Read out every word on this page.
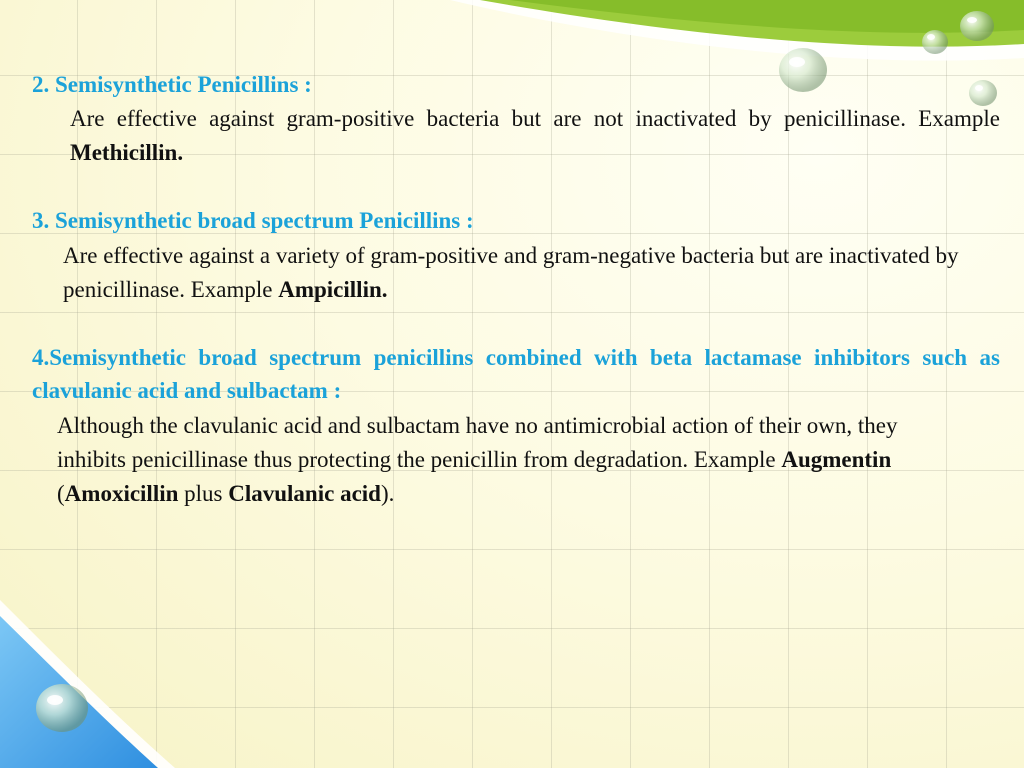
2. Semisynthetic Penicillins :

Are effective against gram-positive bacteria but are not inactivated by penicillinase. Example Methicillin.

3. Semisynthetic broad spectrum Penicillins :

Are effective against a variety of gram-positive and gram-negative bacteria but are inactivated by penicillinase. Example Ampicillin.

4.Semisynthetic broad spectrum penicillins combined with beta lactamase inhibitors such as clavulanic acid and sulbactam :

Although the clavulanic acid and sulbactam have no antimicrobial action of their own, they inhibits penicillinase thus protecting the penicillin from degradation. Example Augmentin (Amoxicillin plus Clavulanic acid).
